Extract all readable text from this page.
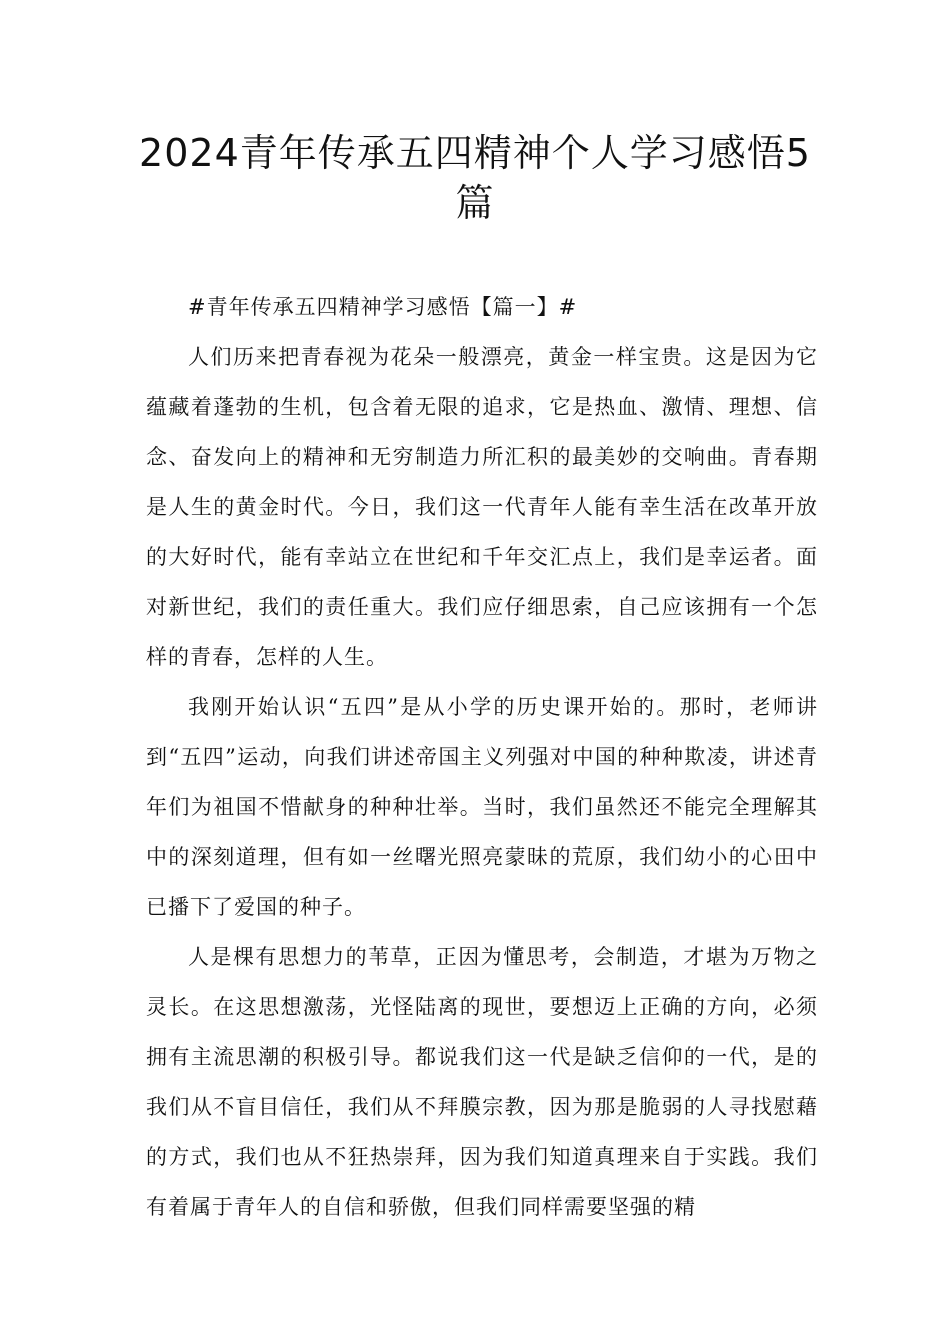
2024青年传承五四精神个人学习感悟5篇

#青年传承五四精神学习感悟【篇一】#

人们历来把青春视为花朵一般漂亮，黄金一样宝贵。这是因为它蕴藏着蓬勃的生机，包含着无限的追求，它是热血、激情、理想、信念、奋发向上的精神和无穷制造力所汇积的最美妙的交响曲。青春期是人生的黄金时代。今日，我们这一代青年人能有幸生活在改革开放的大好时代，能有幸站立在世纪和千年交汇点上，我们是幸运者。面对新世纪，我们的责任重大。我们应仔细思索，自己应该拥有一个怎样的青春，怎样的人生。

我刚开始认识“五四”是从小学的历史课开始的。那时，老师讲到“五四”运动，向我们讲述帝国主义列强对中国的种种欺凌，讲述青年们为祖国不惜献身的种种壮举。当时，我们虽然还不能完全理解其中的深刻道理，但有如一丝曙光照亮蒙昧的荒原，我们幼小的心田中已播下了爱国的种子。

人是棵有思想力的苇草，正因为懂思考，会制造，才堪为万物之灵长。在这思想激荡，光怪陆离的现世，要想迈上正确的方向，必须拥有主流思潮的积极引导。都说我们这一代是缺乏信仰的一代，是的我们从不盲目信任，我们从不拜膜宗教，因为那是脆弱的人寻找慰藉的方式，我们也从不狂热崇拜，因为我们知道真理来自于实践。我们有着属于青年人的自信和骄傲，但我们同样需要坚强的精
